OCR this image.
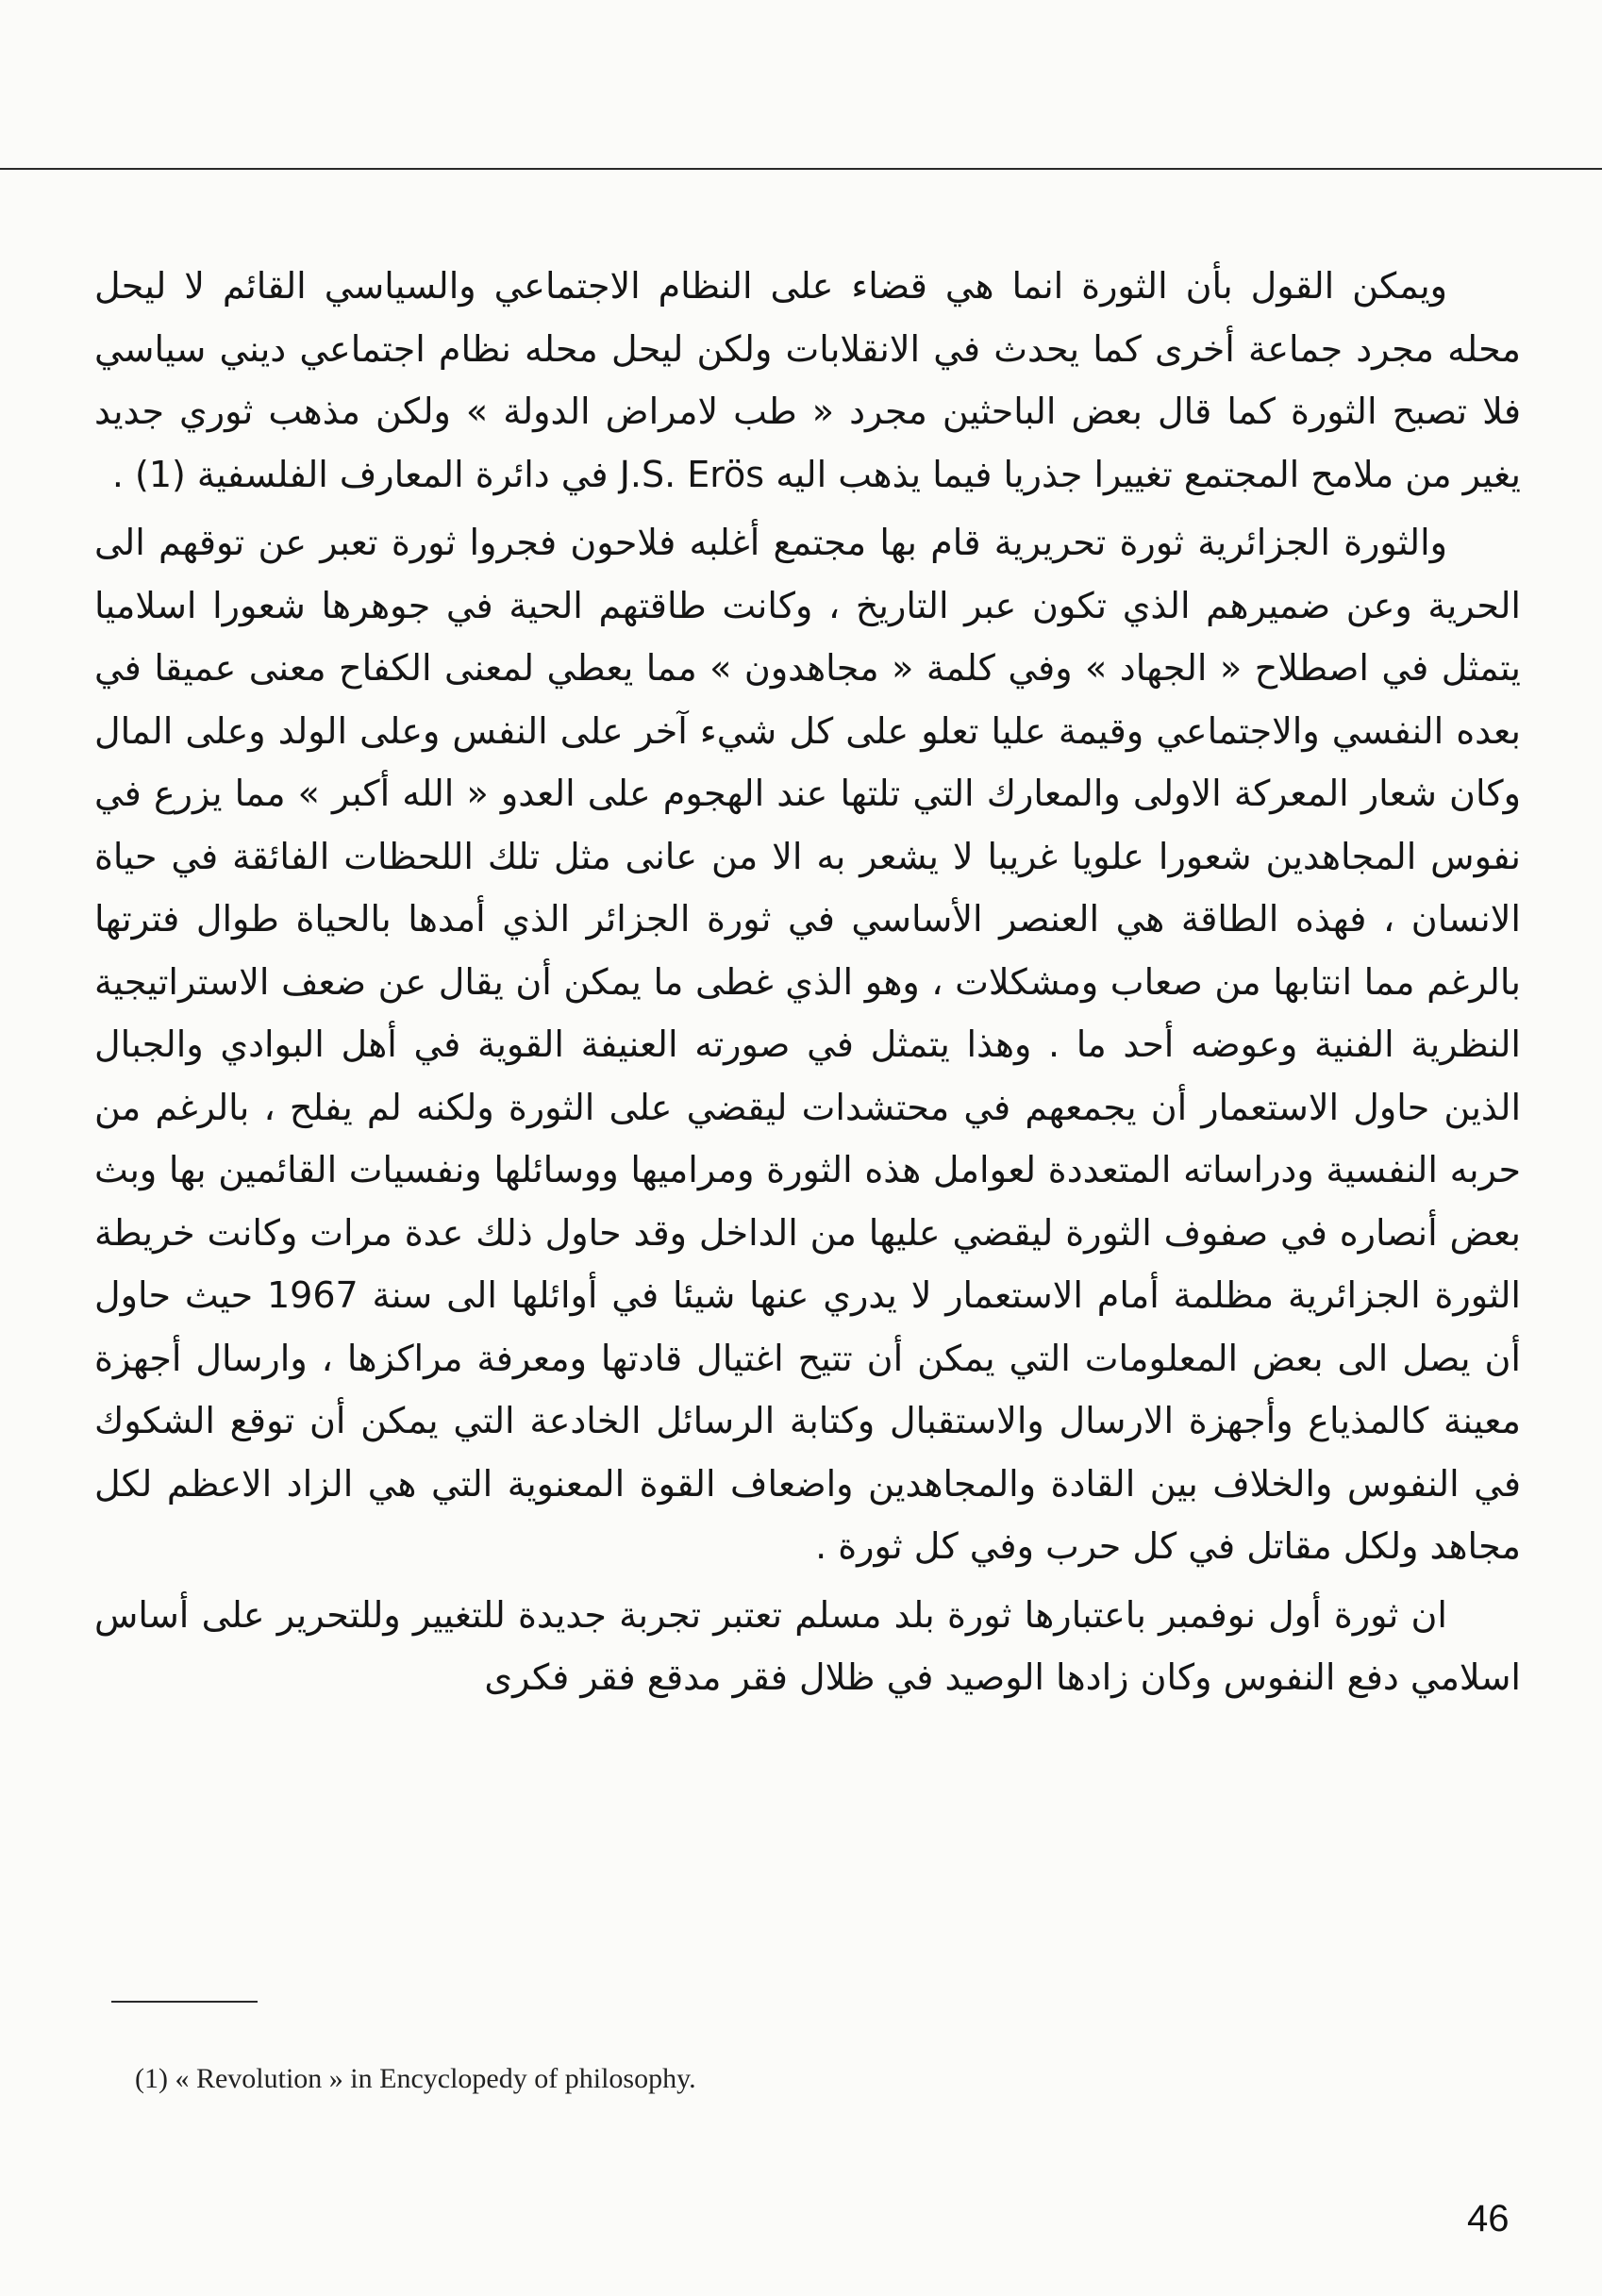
ويمكن القول بأن الثورة انما هي قضاء على النظام الاجتماعي والسياسي القائم لا ليحل محله مجرد جماعة أخرى كما يحدث في الانقلابات ولكن ليحل محله نظام اجتماعي ديني سياسي فلا تصبح الثورة كما قال بعض الباحثين مجرد « طب لامراض الدولة » ولكن مذهب ثوري جديد يغير من ملامح المجتمع تغييرا جذريا فيما يذهب اليه J.S. Erös في دائرة المعارف الفلسفية (1) .

والثورة الجزائرية ثورة تحريرية قام بها مجتمع أغلبه فلاحون فجروا ثورة تعبر عن توقهم الى الحرية وعن ضميرهم الذي تكون عبر التاريخ ، وكانت طاقتهم الحية في جوهرها شعورا اسلاميا يتمثل في اصطلاح « الجهاد » وفي كلمة « مجاهدون » مما يعطي لمعنى الكفاح معنى عميقا في بعده النفسي والاجتماعي وقيمة عليا تعلو على كل شيء آخر على النفس وعلى الولد وعلى المال وكان شعار المعركة الاولى والمعارك التي تلتها عند الهجوم على العدو « الله أكبر » مما يزرع في نفوس المجاهدين شعورا علويا غريبا لا يشعر به الا من عانى مثل تلك اللحظات الفائقة في حياة الانسان ، فهذه الطاقة هي العنصر الأساسي في ثورة الجزائر الذي أمدها بالحياة طوال فترتها بالرغم مما انتابها من صعاب ومشكلات ، وهو الذي غطى ما يمكن أن يقال عن ضعف الاستراتيجية النظرية الفنية وعوضه أحد ما . وهذا يتمثل في صورته العنيفة القوية في أهل البوادي والجبال الذين حاول الاستعمار أن يجمعهم في محتشدات ليقضي على الثورة ولكنه لم يفلح ، بالرغم من حربه النفسية ودراساته المتعددة لعوامل هذه الثورة ومراميها ووسائلها ونفسيات القائمين بها وبث بعض أنصاره في صفوف الثورة ليقضي عليها من الداخل وقد حاول ذلك عدة مرات وكانت خريطة الثورة الجزائرية مظلمة أمام الاستعمار لا يدري عنها شيئا في أوائلها الى سنة 1967 حيث حاول أن يصل الى بعض المعلومات التي يمكن أن تتيح اغتيال قادتها ومعرفة مراكزها ، وارسال أجهزة معينة كالمذياع وأجهزة الارسال والاستقبال وكتابة الرسائل الخادعة التي يمكن أن توقع الشكوك في النفوس والخلاف بين القادة والمجاهدين واضعاف القوة المعنوية التي هي الزاد الاعظم لكل مجاهد ولكل مقاتل في كل حرب وفي كل ثورة .

ان ثورة أول نوفمبر باعتبارها ثورة بلد مسلم تعتبر تجربة جديدة للتغيير وللتحرير على أساس اسلامي دفع النفوس وكان زادها الوصيد في ظلال فقر مدقع فقر فكرى

(1) « Revolution » in Encyclopedy of philosophy.
46
